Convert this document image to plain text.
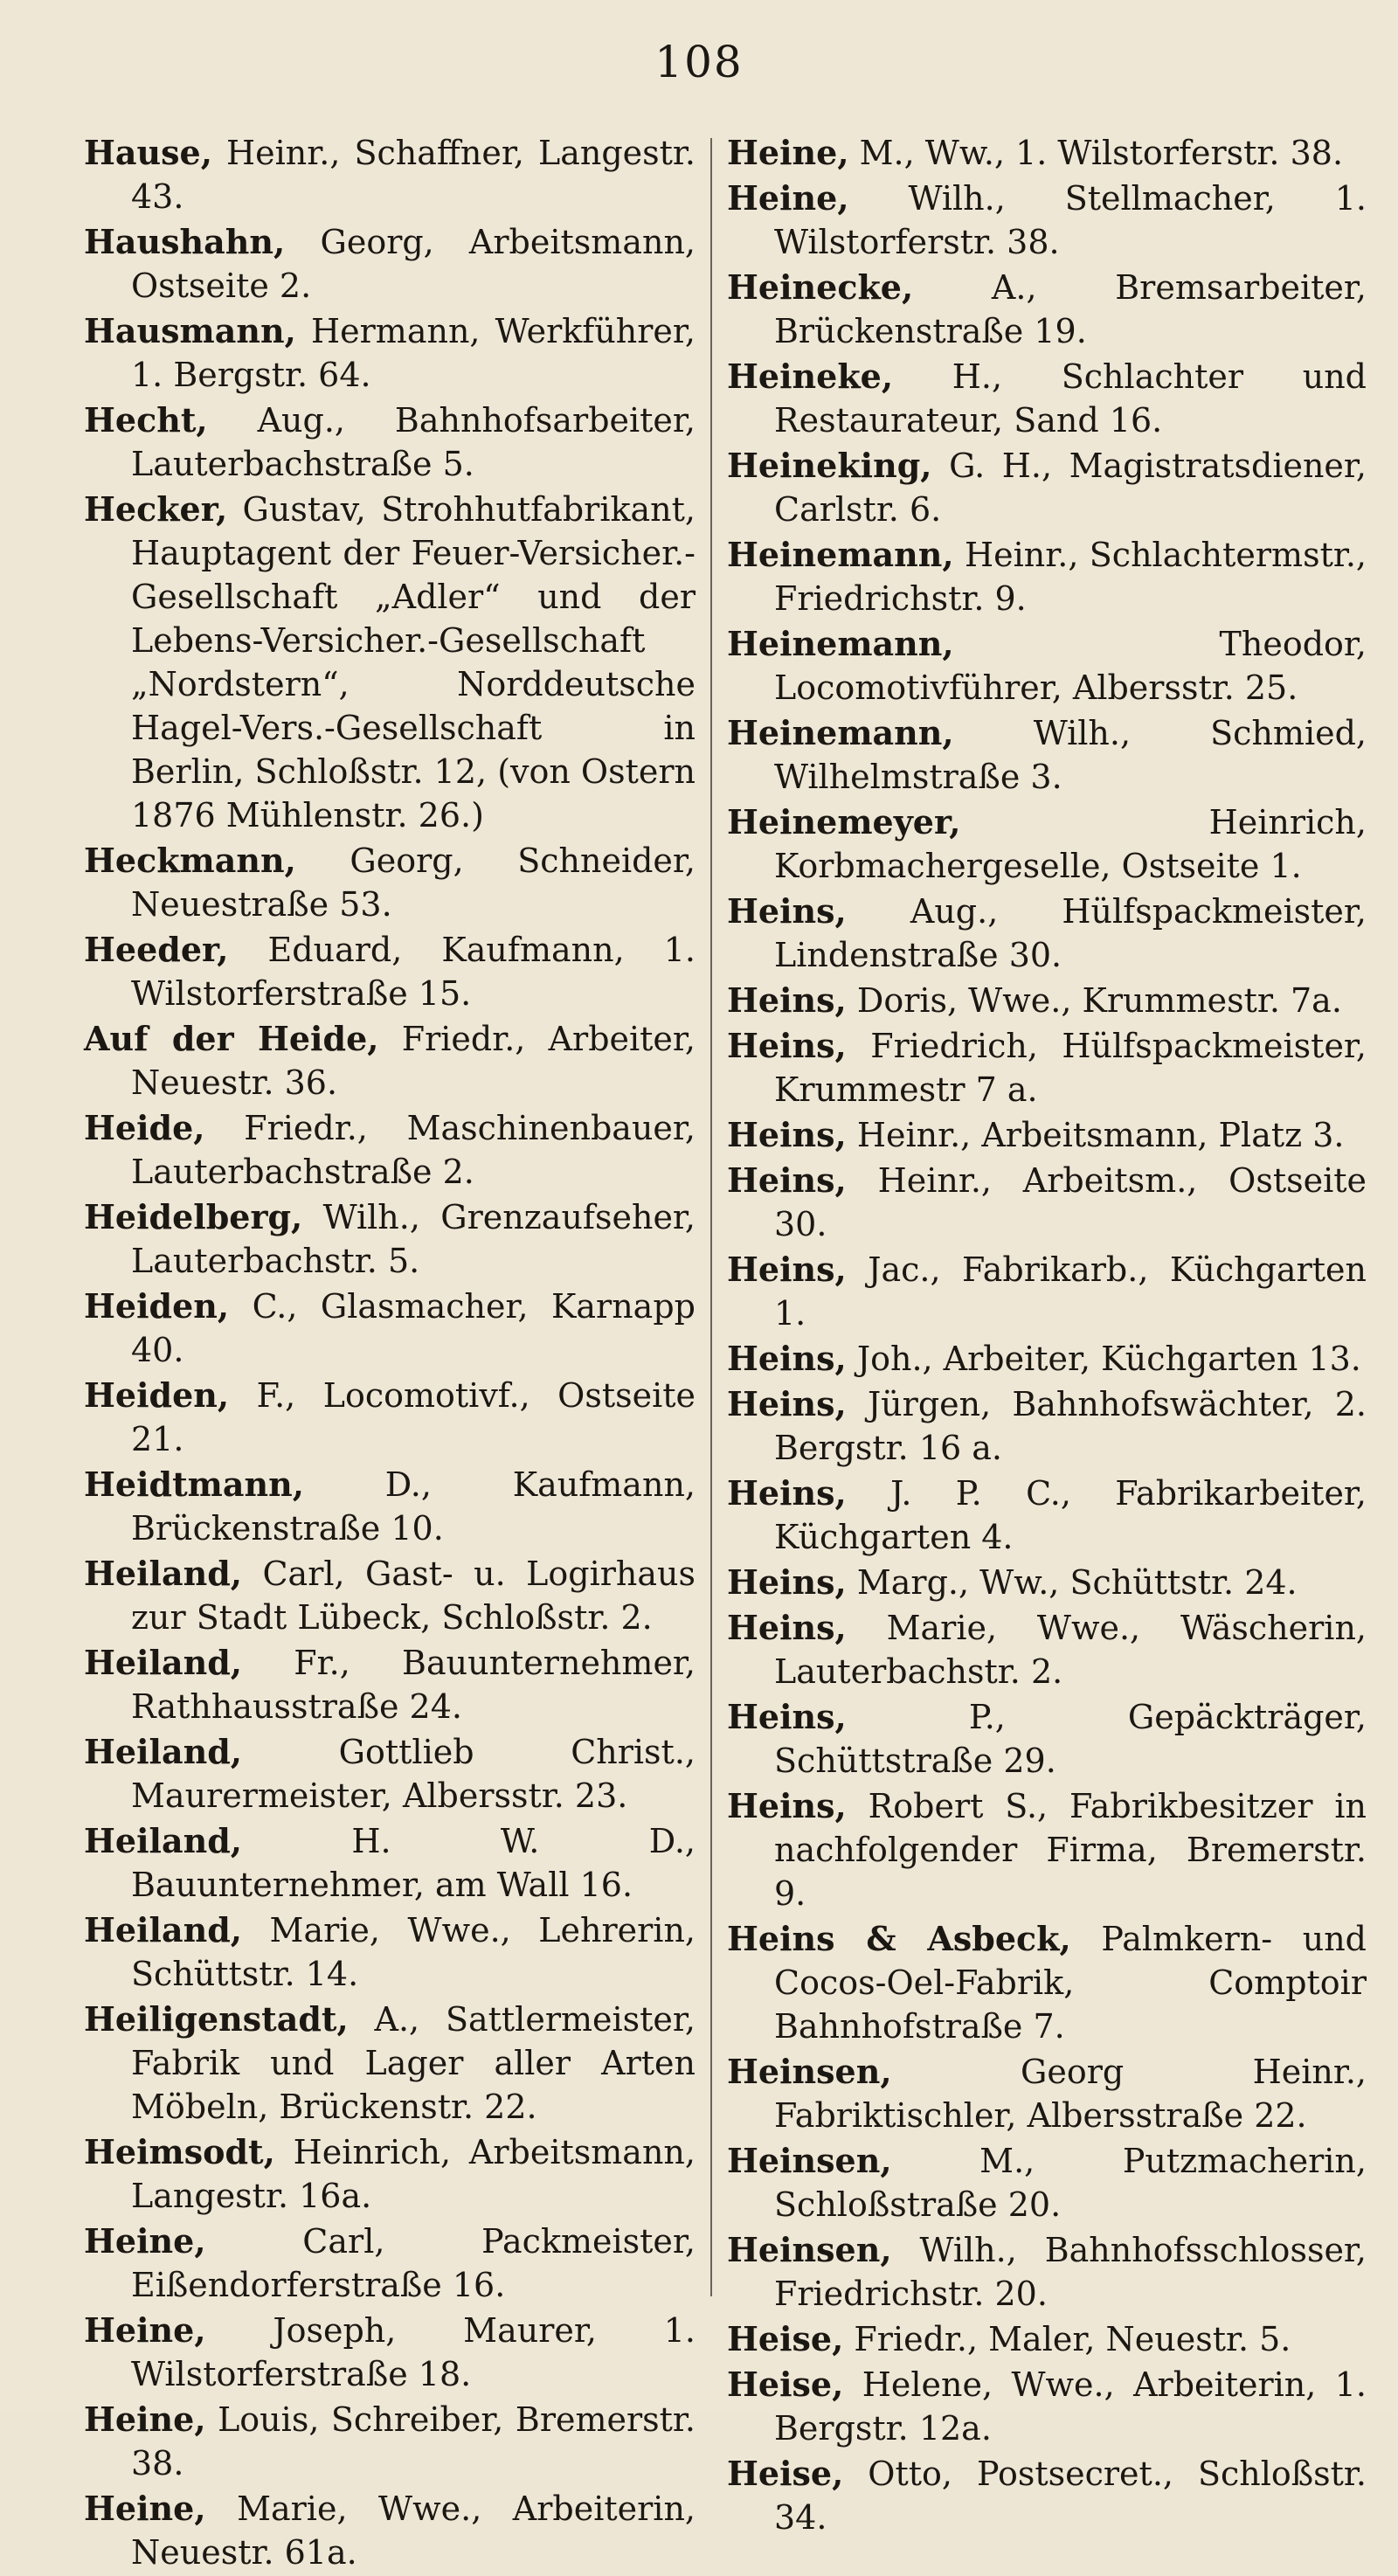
108

Hause, Heinr., Schaffner, Langestr. 43.

Haushahn, Georg, Arbeitsmann, Ostseite 2.

Hausmann, Hermann, Werkführer, 1. Bergstr. 64.

Hecht, Aug., Bahnhofsarbeiter, Lauterbachstraße 5.

Hecker, Gustav, Strohhutfabrikant, Hauptagent der Feuer-Versicher.-Gesellschaft „Adler“ und der Lebens-Versicher.-Gesellschaft „Nordstern“, Norddeutsche Hagel-Vers.-Gesellschaft in Berlin, Schloßstr. 12, (von Ostern 1876 Mühlenstr. 26.)

Heckmann, Georg, Schneider, Neuestraße 53.

Heeder, Eduard, Kaufmann, 1. Wilstorferstraße 15.

Auf der Heide, Friedr., Arbeiter, Neuestr. 36.

Heide, Friedr., Maschinenbauer, Lauterbachstraße 2.

Heidelberg, Wilh., Grenzaufseher, Lauterbachstr. 5.

Heiden, C., Glasmacher, Karnapp 40.

Heiden, F., Locomotivf., Ostseite 21.

Heidtmann, D., Kaufmann, Brückenstraße 10.

Heiland, Carl, Gast- u. Logirhaus zur Stadt Lübeck, Schloßstr. 2.

Heiland, Fr., Bauunternehmer, Rathhausstraße 24.

Heiland, Gottlieb Christ., Maurermeister, Albersstr. 23.

Heiland, H. W. D., Bauunternehmer, am Wall 16.

Heiland, Marie, Wwe., Lehrerin, Schüttstr. 14.

Heiligenstadt, A., Sattlermeister, Fabrik und Lager aller Arten Möbeln, Brückenstr. 22.

Heimsodt, Heinrich, Arbeitsmann, Langestr. 16a.

Heine, Carl, Packmeister, Eißendorferstraße 16.

Heine, Joseph, Maurer, 1. Wilstorferstraße 18.

Heine, Louis, Schreiber, Bremerstr. 38.

Heine, Marie, Wwe., Arbeiterin, Neuestr. 61a.

Heine, M., Ww., 1. Wilstorferstr. 38.

Heine, Wilh., Stellmacher, 1. Wilstorferstr. 38.

Heinecke, A., Bremsarbeiter, Brückenstraße 19.

Heineke, H., Schlachter und Restaurateur, Sand 16.

Heineking, G. H., Magistratsdiener, Carlstr. 6.

Heinemann, Heinr., Schlachtermstr., Friedrichstr. 9.

Heinemann, Theodor, Locomotivführer, Albersstr. 25.

Heinemann, Wilh., Schmied, Wilhelmstraße 3.

Heinemeyer, Heinrich, Korbmachergeselle, Ostseite 1.

Heins, Aug., Hülfspackmeister, Lindenstraße 30.

Heins, Doris, Wwe., Krummestr. 7a.

Heins, Friedrich, Hülfspackmeister, Krummestr 7 a.

Heins, Heinr., Arbeitsmann, Platz 3.

Heins, Heinr., Arbeitsm., Ostseite 30.

Heins, Jac., Fabrikarb., Küchgarten 1.

Heins, Joh., Arbeiter, Küchgarten 13.

Heins, Jürgen, Bahnhofswächter, 2. Bergstr. 16 a.

Heins, J. P. C., Fabrikarbeiter, Küchgarten 4.

Heins, Marg., Ww., Schüttstr. 24.

Heins, Marie, Wwe., Wäscherin, Lauterbachstr. 2.

Heins, P., Gepäckträger, Schüttstraße 29.

Heins, Robert S., Fabrikbesitzer in nachfolgender Firma, Bremerstr. 9.

Heins & Asbeck, Palmkern- und Cocos-Oel-Fabrik, Comptoir Bahnhofstraße 7.

Heinsen, Georg Heinr., Fabriktischler, Albersstraße 22.

Heinsen, M., Putzmacherin, Schloßstraße 20.

Heinsen, Wilh., Bahnhofsschlosser, Friedrichstr. 20.

Heise, Friedr., Maler, Neuestr. 5.

Heise, Helene, Wwe., Arbeiterin, 1. Bergstr. 12a.

Heise, Otto, Postsecret., Schloßstr. 34.
